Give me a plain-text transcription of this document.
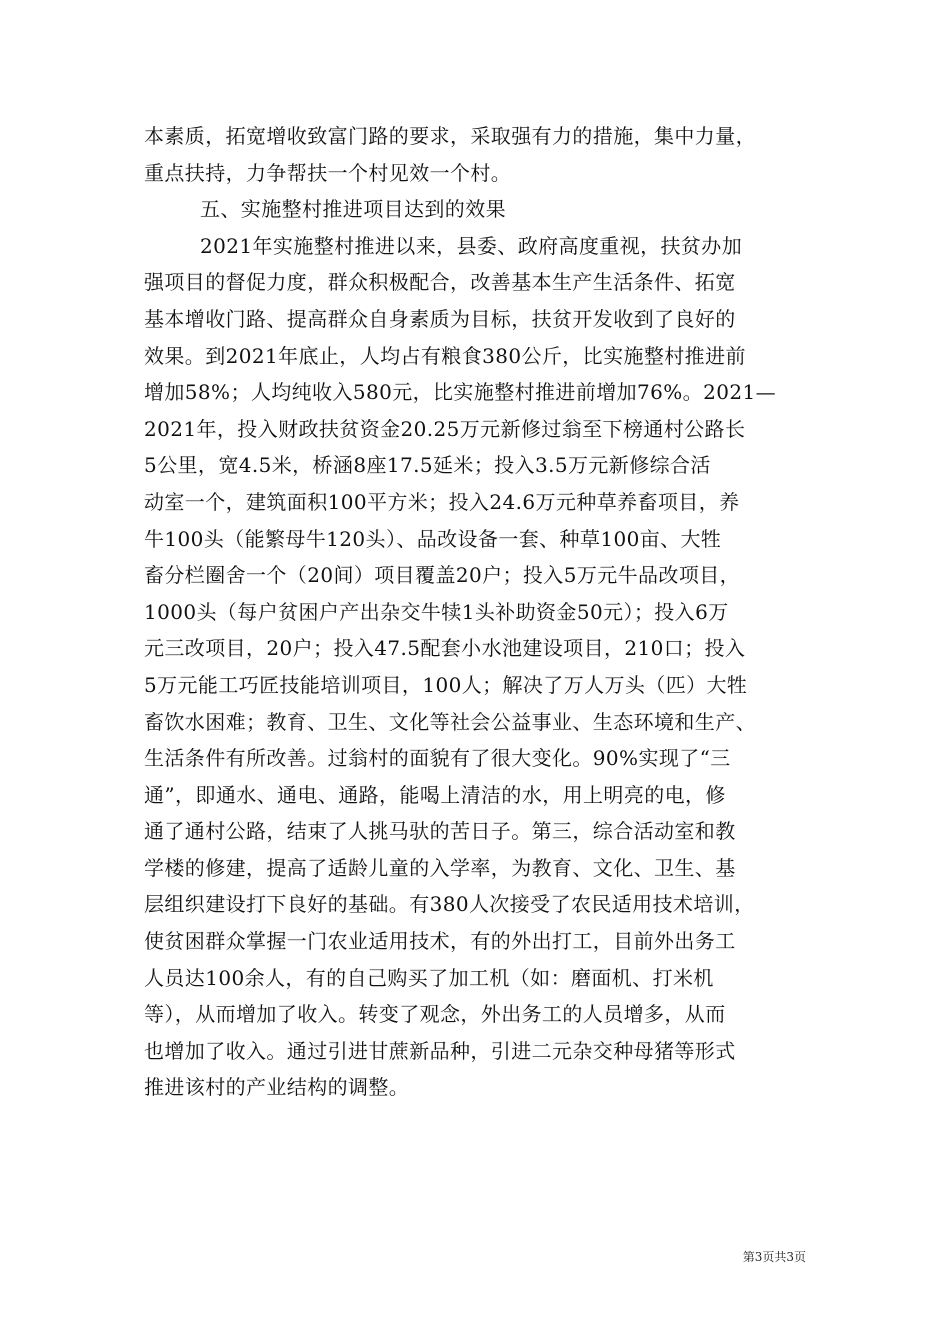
本素质，拓宽增收致富门路的要求，采取强有力的措施，集中力量，
重点扶持，力争帮扶一个村见效一个村。
五、实施整村推进项目达到的效果
2021年实施整村推进以来，县委、政府高度重视，扶贫办加
强项目的督促力度，群众积极配合，改善基本生产生活条件、拓宽
基本增收门路、提高群众自身素质为目标，扶贫开发收到了良好的
效果。到2021年底止，人均占有粮食380公斤，比实施整村推进前
增加58%；人均纯收入580元，比实施整村推进前增加76%。2021—
2021年，投入财政扶贫资金20.25万元新修过翁至下榜通村公路长
5公里，宽4.5米，桥涵8座17.5延米；投入3.5万元新修综合活
动室一个，建筑面积100平方米；投入24.6万元种草养畜项目，养
牛100头（能繁母牛120头）、品改设备一套、种草100亩、大牲
畜分栏圈舍一个（20间）项目覆盖20户；投入5万元牛品改项目，
1000头（每户贫困户产出杂交牛犊1头补助资金50元）；投入6万
元三改项目，20户；投入47.5配套小水池建设项目，210口；投入
5万元能工巧匠技能培训项目，100人；解决了万人万头（匹）大牲
畜饮水困难；教育、卫生、文化等社会公益事业、生态环境和生产、
生活条件有所改善。过翁村的面貌有了很大变化。90%实现了“三
通”，即通水、通电、通路，能喝上清洁的水，用上明亮的电，修
通了通村公路，结束了人挑马驮的苦日子。第三，综合活动室和教
学楼的修建，提高了适龄儿童的入学率，为教育、文化、卫生、基
层组织建设打下良好的基础。有380人次接受了农民适用技术培训，
使贫困群众掌握一门农业适用技术，有的外出打工，目前外出务工
人员达100余人，有的自己购买了加工机（如：磨面机、打米机
等），从而增加了收入。转变了观念，外出务工的人员增多，从而
也增加了收入。通过引进甘蔗新品种，引进二元杂交种母猪等形式
推进该村的产业结构的调整。
第3页共3页
